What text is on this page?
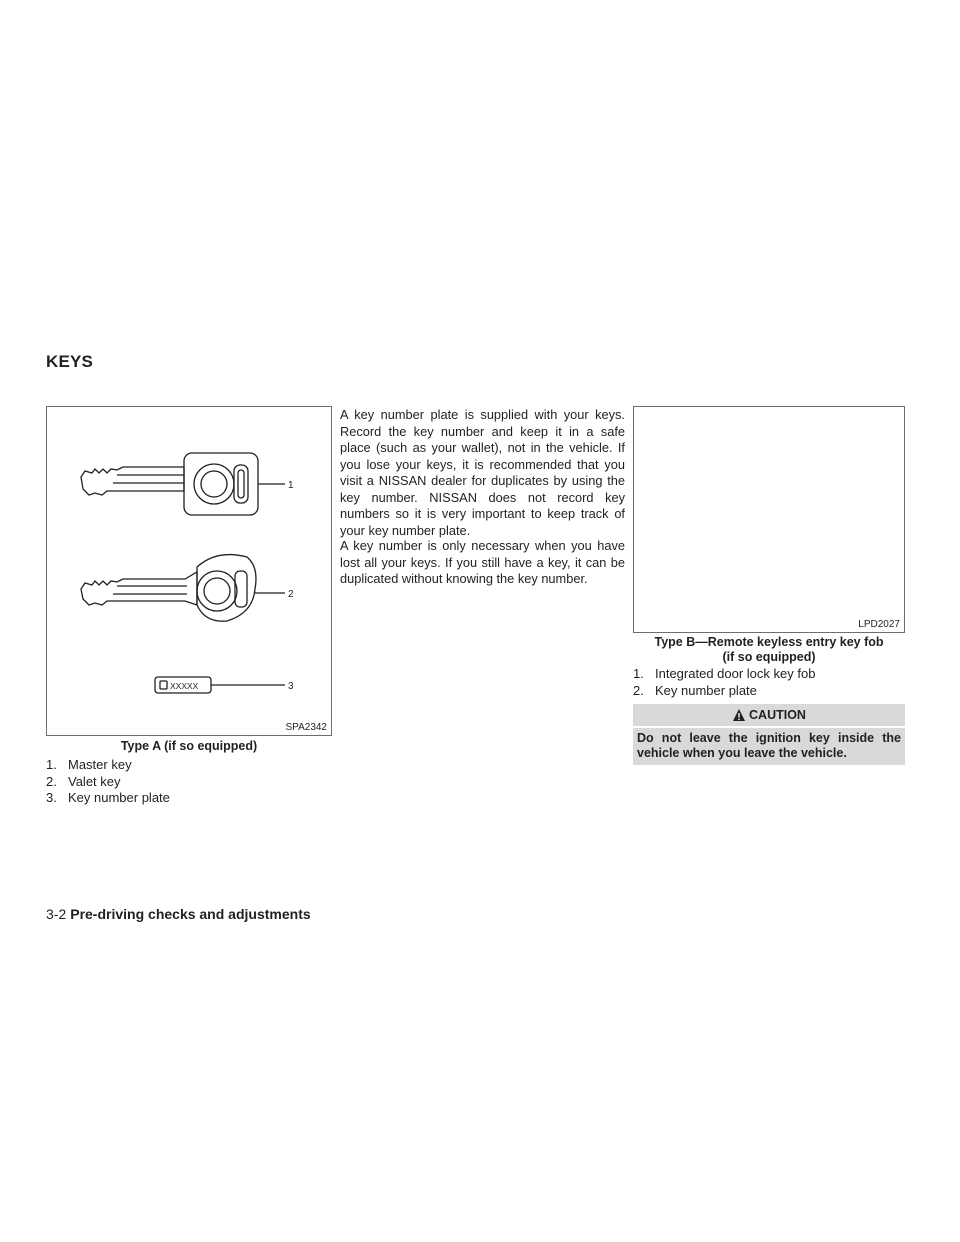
KEYS
1
2
XXXXX	3
SPA2342
Type A (if so equipped)
1. Master key
2. Valet key
3. Key number plate
A key number plate is supplied with your keys. Record the key number and keep it in a safe place (such as your wallet), not in the vehicle. If you lose your keys, it is recommended that you visit a NISSAN dealer for duplicates by using the key number. NISSAN does not record key numbers so it is very important to keep track of your key number plate.
A key number is only necessary when you have lost all your keys. If you still have a key, it can be duplicated without knowing the key number.
LPD2027
Type B—Remote keyless entry key fob
(if so equipped)
1. Integrated door lock key fob
2. Key number plate
CAUTION
Do not leave the ignition key inside the vehicle when you leave the vehicle.
3-2 Pre-driving checks and adjustments
